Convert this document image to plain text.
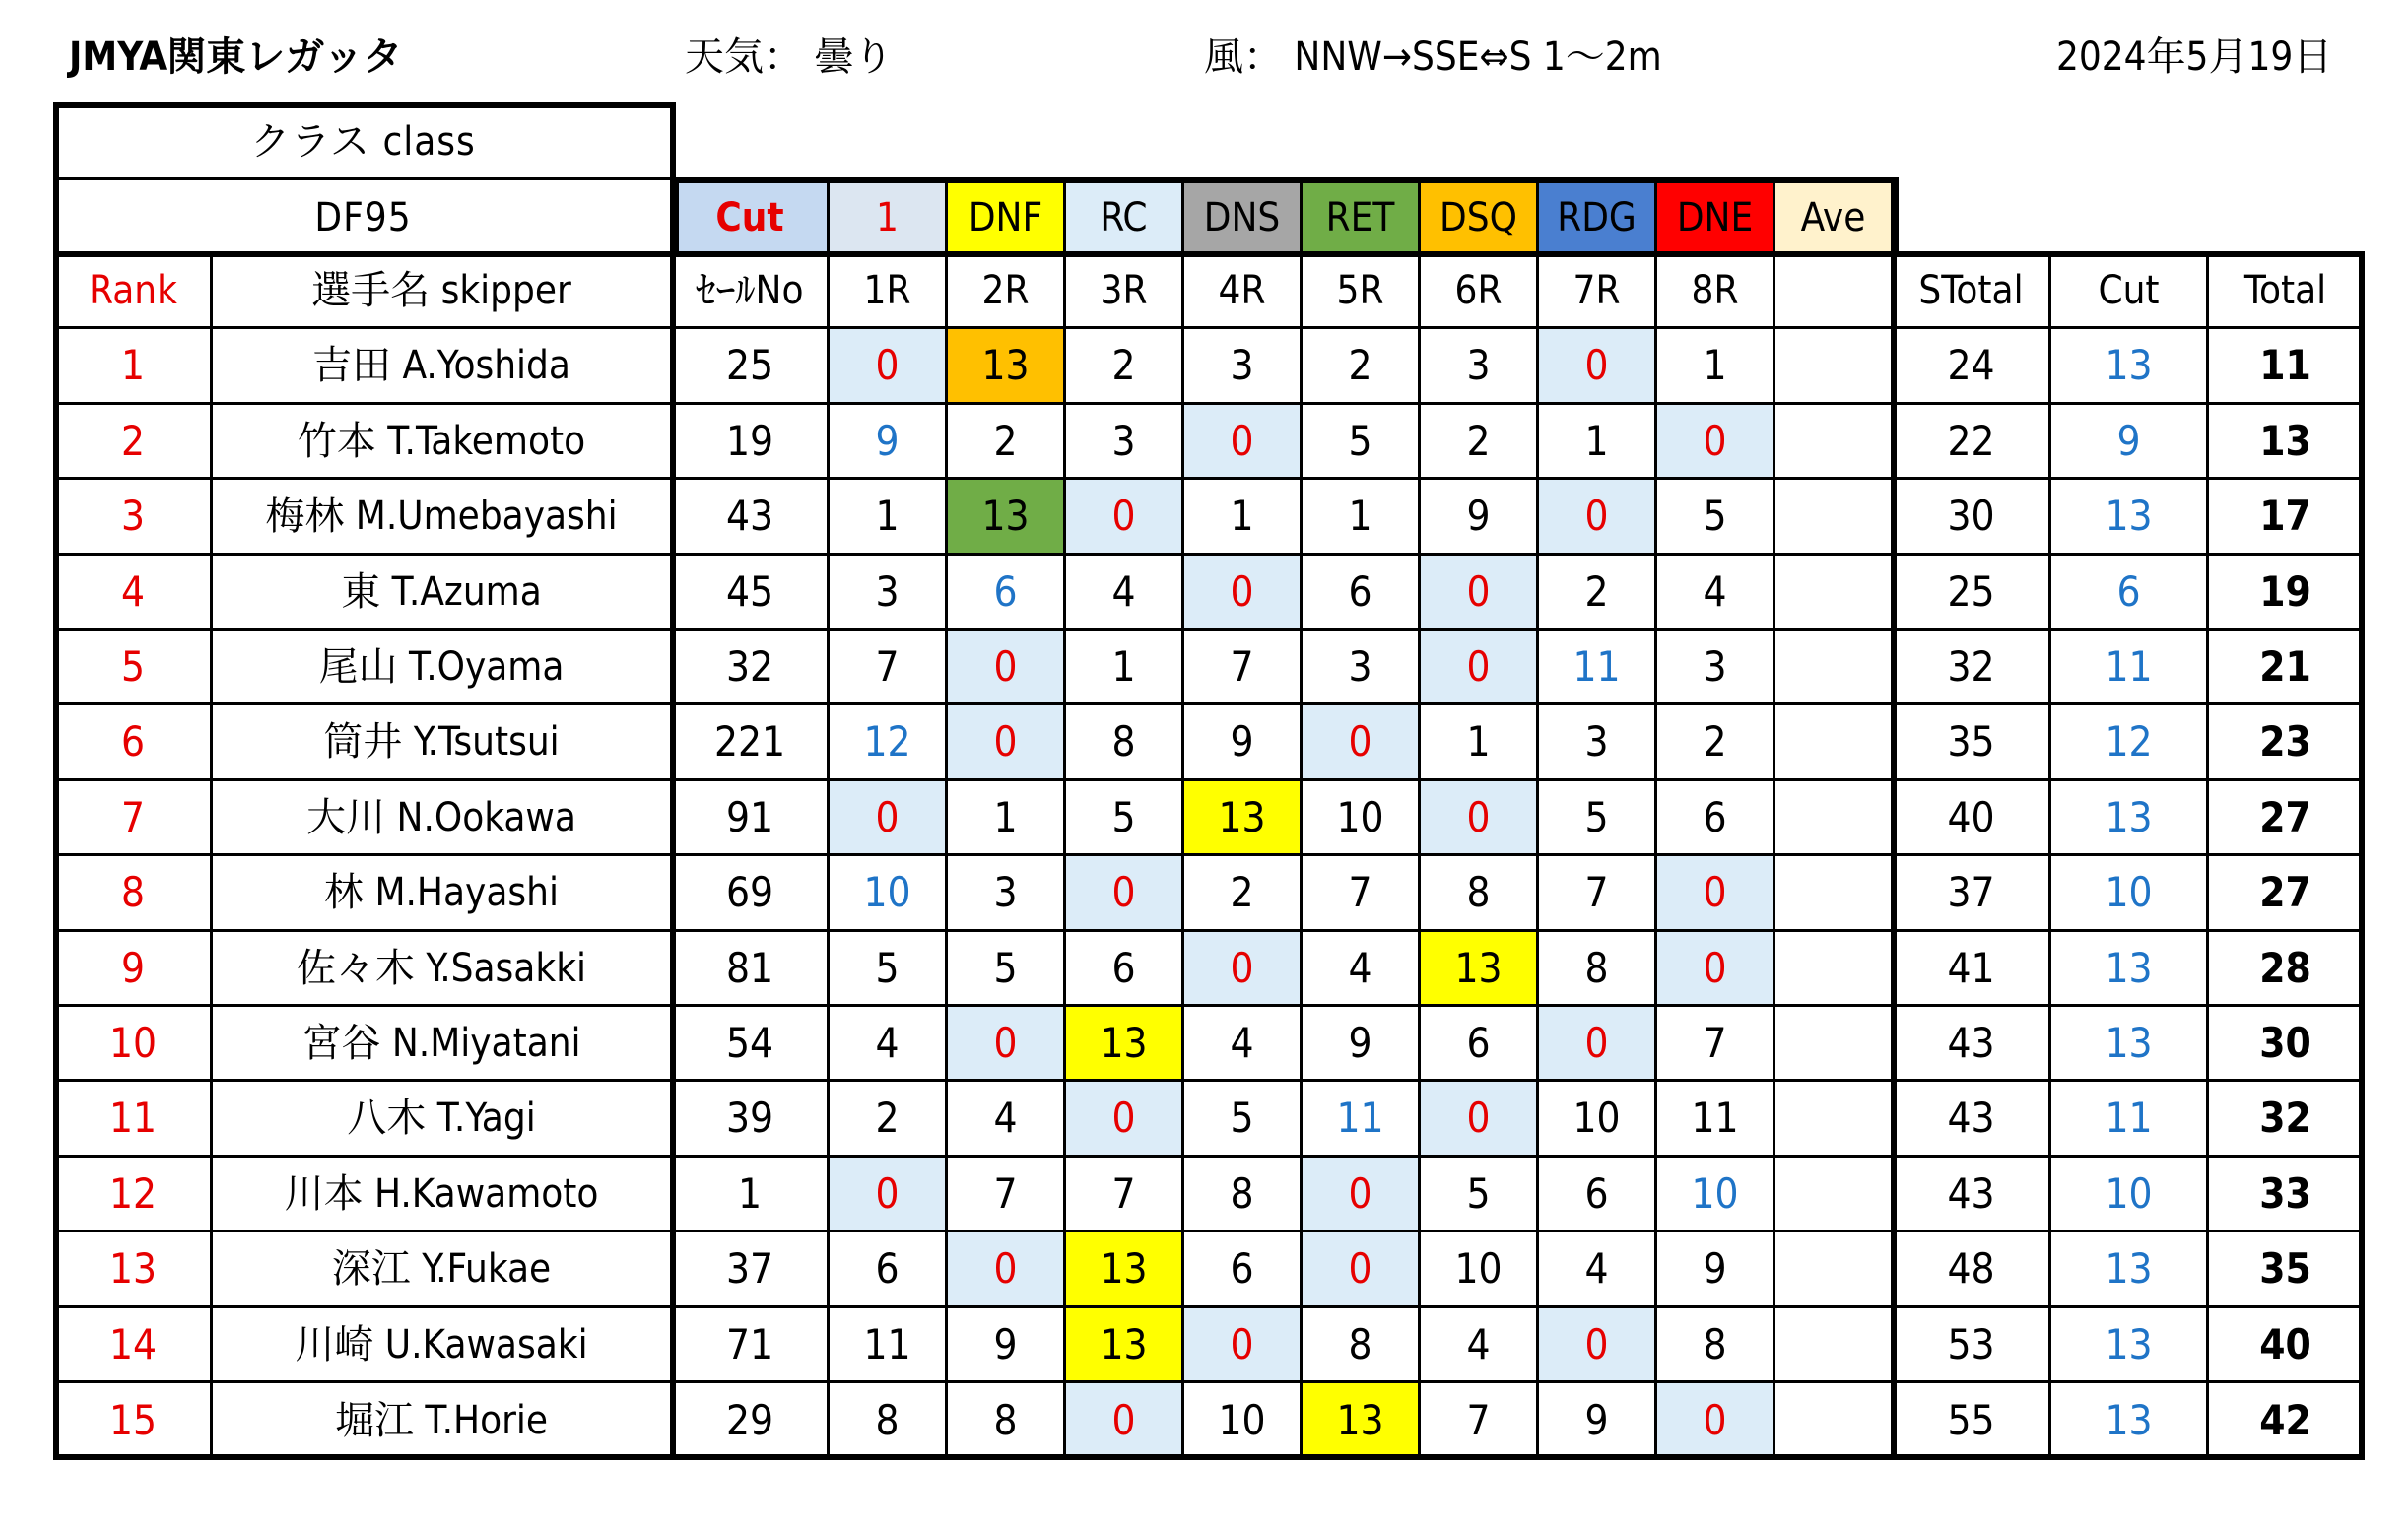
JMYA関東レガッタ	天気： 曇り	風： NNW→SSE⇔S 1～2m	2024年5月19日
クラス class
DF95	Cut	1	DNF	RC	DNS	RET	DSQ	RDG	DNE	Ave
Rank	選手名 skipper	ｾｰﾙNo	1R	2R	3R	4R	5R	6R	7R	8R	STotal	Cut	Total
1	吉田 A.Yoshida	25	0	13	2	3	2	3	0	1	24	13	11
2	竹本 T.Takemoto	19	9	2	3	0	5	2	1	0	22	9	13
3	梅林 M.Umebayashi	43	1	13	0	1	1	9	0	5	30	13	17
4	東 T.Azuma	45	3	6	4	0	6	0	2	4	25	6	19
5	尾山 T.Oyama	32	7	0	1	7	3	0	11	3	32	11	21
6	筒井 Y.Tsutsui	221	12	0	8	9	0	1	3	2	35	12	23
7	大川 N.Ookawa	91	0	1	5	13	10	0	5	6	40	13	27
8	林 M.Hayashi	69	10	3	0	2	7	8	7	0	37	10	27
9	佐々木 Y.Sasakki	81	5	5	6	0	4	13	8	0	41	13	28
10	宮谷 N.Miyatani	54	4	0	13	4	9	6	0	7	43	13	30
11	八木 T.Yagi	39	2	4	0	5	11	0	10	11	43	11	32
12	川本 H.Kawamoto	1	0	7	7	8	0	5	6	10	43	10	33
13	深江 Y.Fukae	37	6	0	13	6	0	10	4	9	48	13	35
14	川崎 U.Kawasaki	71	11	9	13	0	8	4	0	8	53	13	40
15	堀江 T.Horie	29	8	8	0	10	13	7	9	0	55	13	42
